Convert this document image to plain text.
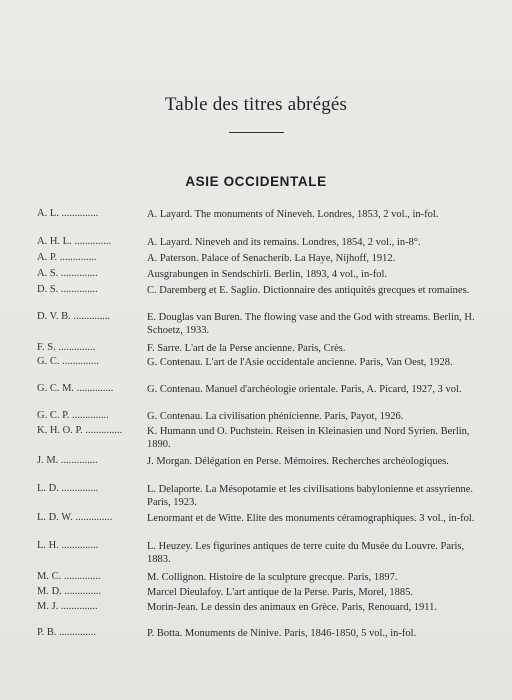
Table des titres abrégés
ASIE OCCIDENTALE
A. L. ..............	A. Layard. The monuments of Nineveh. Londres, 1853, 2 vol., in-fol.
A. H. L. ..............	A. Layard. Nineveh and its remains. Londres, 1854, 2 vol., in-8°.
A. P. ..............	A. Paterson. Palace of Senacherib. La Haye, Nijhoff, 1912.
A. S. ..............	Ausgrabungen in Sendschirli. Berlin, 1893, 4 vol., in-fol.
D. S. ..............	C. Daremberg et E. Saglio. Dictionnaire des antiquités grecques et romaines.
D. V. B. ..............	E. Douglas van Buren. The flowing vase and the God with streams. Berlin, H. Schoetz, 1933.
F. S. ..............	F. Sarre. L'art de la Perse ancienne. Paris, Crès.
G. C. ..............	G. Contenau. L'art de l'Asie occidentale ancienne. Paris, Van Oest, 1928.
G. C. M. ..............	G. Contenau. Manuel d'archéologie orientale. Paris, A. Picard, 1927, 3 vol.
G. C. P. ..............	G. Contenau. La civilisation phénicienne. Paris, Payot, 1926.
K. H. O. P. ..............	K. Humann und O. Puchstein. Reisen in Kleinasien und Nord Syrien. Berlin, 1890.
J. M. ..............	J. Morgan. Délégation en Perse. Mémoires. Recherches archéologiques.
L. D. ..............	L. Delaporte. La Mésopotamie et les civilisations babylonienne et assyrienne. Paris, 1923.
L. D. W. ..............	Lenormant et de Witte. Elite des monuments céramographiques. 3 vol., in-fol.
L. H. ..............	L. Heuzey. Les figurines antiques de terre cuite du Musée du Louvre. Paris, 1883.
M. C. ..............	M. Collignon. Histoire de la sculpture grecque. Paris, 1897.
M. D. ..............	Marcel Dieulafoy. L'art antique de la Perse. Paris, Morel, 1885.
M. J. ..............	Morin-Jean. Le dessin des animaux en Grèce. Paris, Renouard, 1911.
P. B. ..............	P. Botta. Monuments de Ninive. Paris, 1846-1850, 5 vol., in-fol.
